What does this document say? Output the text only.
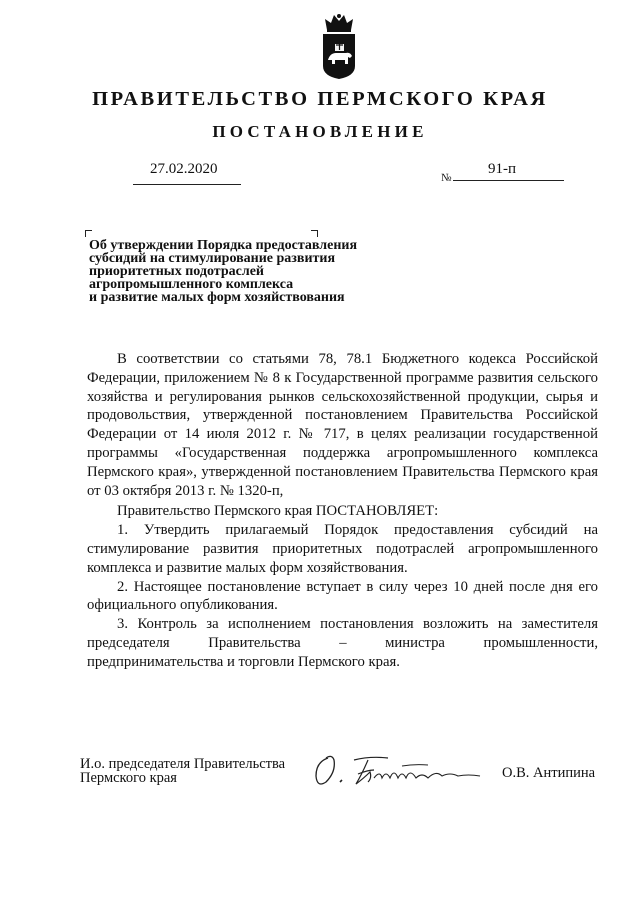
ПРАВИТЕЛЬСТВО ПЕРМСКОГО КРАЯ
ПОСТАНОВЛЕНИЕ
27.02.2020
№
91-п
Об утверждении Порядка предоставления
субсидий на стимулирование развития
приоритетных подотраслей
агропромышленного комплекса
и развитие малых форм хозяйствования

В соответствии со статьями 78, 78.1 Бюджетного кодекса Российской Федерации, приложением № 8 к Государственной программе развития сельского хозяйства и регулирования рынков сельскохозяйственной продукции, сырья и продовольствия, утвержденной постановлением Правительства Российской Федерации от 14 июля 2012 г. № 717, в целях реализации государственной программы «Государственная поддержка агропромышленного комплекса Пермского края», утвержденной постановлением Правительства Пермского края от 03 октября 2013 г. № 1320-п,

Правительство Пермского края ПОСТАНОВЛЯЕТ:

1. Утвердить прилагаемый Порядок предоставления субсидий на стимулирование развития приоритетных подотраслей агропромышленного комплекса и развитие малых форм хозяйствования.

2. Настоящее постановление вступает в силу через 10 дней после дня его официального опубликования.

3. Контроль за исполнением постановления возложить на заместителя председателя Правительства – министра промышленности, предпринимательства и торговли Пермского края.

И.о. председателя Правительства
Пермского края	О.В. Антипина
